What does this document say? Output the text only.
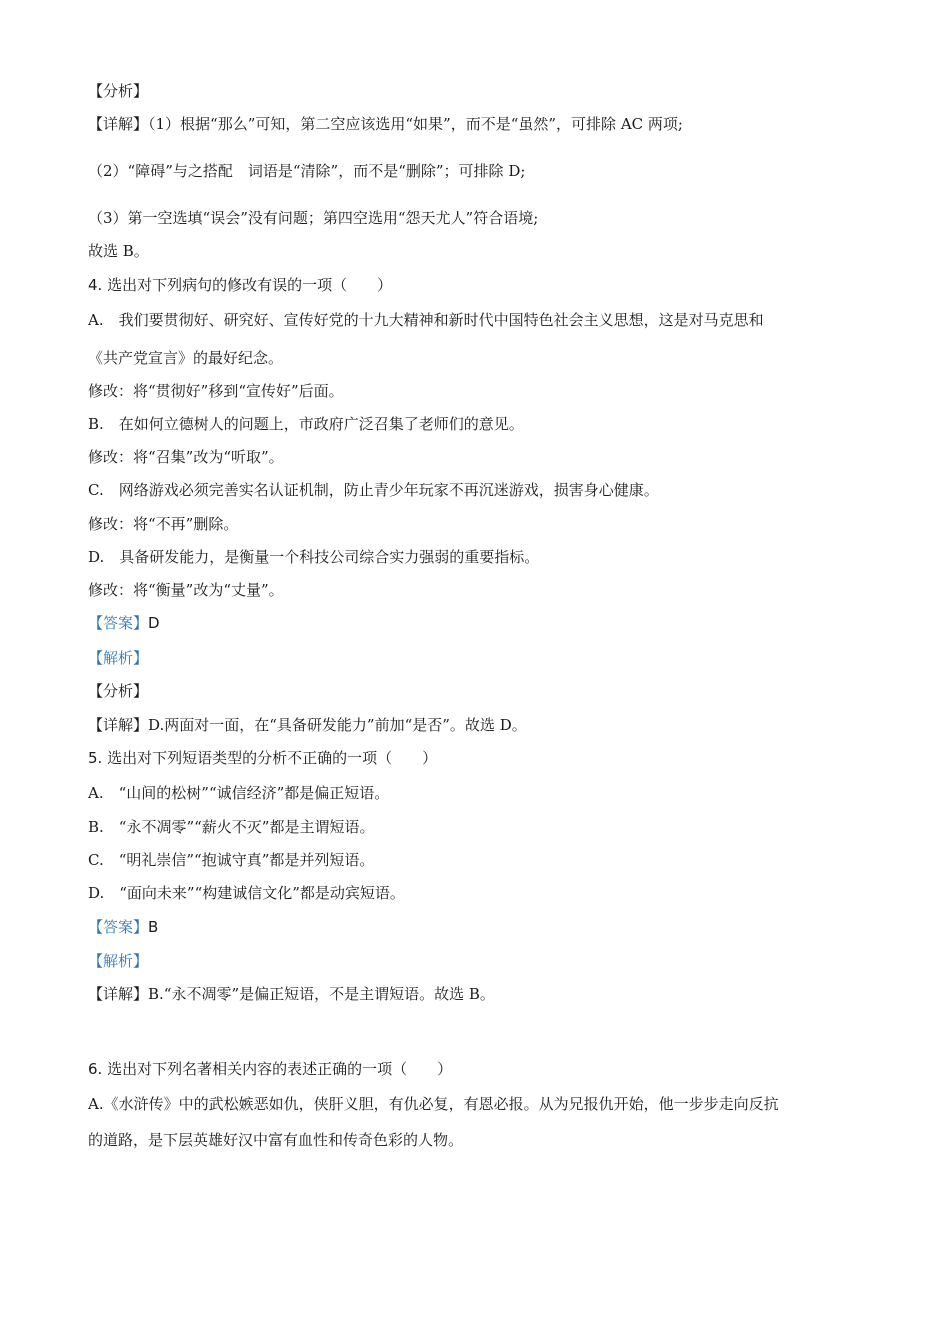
【分析】
【详解】（1）根据“那么”可知，第二空应该选用“如果”，而不是“虽然”，可排除 AC 两项;
（2）“障碍”与之搭配　词语是“清除”，而不是“删除”；可排除 D;
（3）第一空选填“误会”没有问题；第四空选用“怨天尤人”符合语境;
故选 B。
4. 选出对下列病句的修改有误的一项（　　）
A.　我们要贯彻好、研究好、宣传好党的十九大精神和新时代中国特色社会主义思想，这是对马克思和
《共产党宣言》的最好纪念。
修改：将“贯彻好”移到“宣传好”后面。
B.　在如何立德树人的问题上，市政府广泛召集了老师们的意见。
修改：将“召集”改为“听取”。
C.　网络游戏必须完善实名认证机制，防止青少年玩家不再沉迷游戏，损害身心健康。
修改：将“不再”删除。
D.　具备研发能力，是衡量一个科技公司综合实力强弱的重要指标。
修改：将“衡量”改为“丈量”。
【答案】D
【解析】
【分析】
【详解】D.两面对一面，在“具备研发能力”前加“是否”。故选 D。
5. 选出对下列短语类型的分析不正确的一项（　　）
A.　“山间的松树”“诚信经济”都是偏正短语。
B.　“永不凋零”“薪火不灭”都是主谓短语。
C.　“明礼崇信”“抱诚守真”都是并列短语。
D.　“面向未来”“构建诚信文化”都是动宾短语。
【答案】B
【解析】
【详解】B.“永不凋零”是偏正短语，不是主谓短语。故选 B。
6. 选出对下列名著相关内容的表述正确的一项（　　）
A.《水浒传》中的武松嫉恶如仇，侠肝义胆，有仇必复，有恩必报。从为兄报仇开始，他一步步走向反抗
的道路，是下层英雄好汉中富有血性和传奇色彩的人物。
